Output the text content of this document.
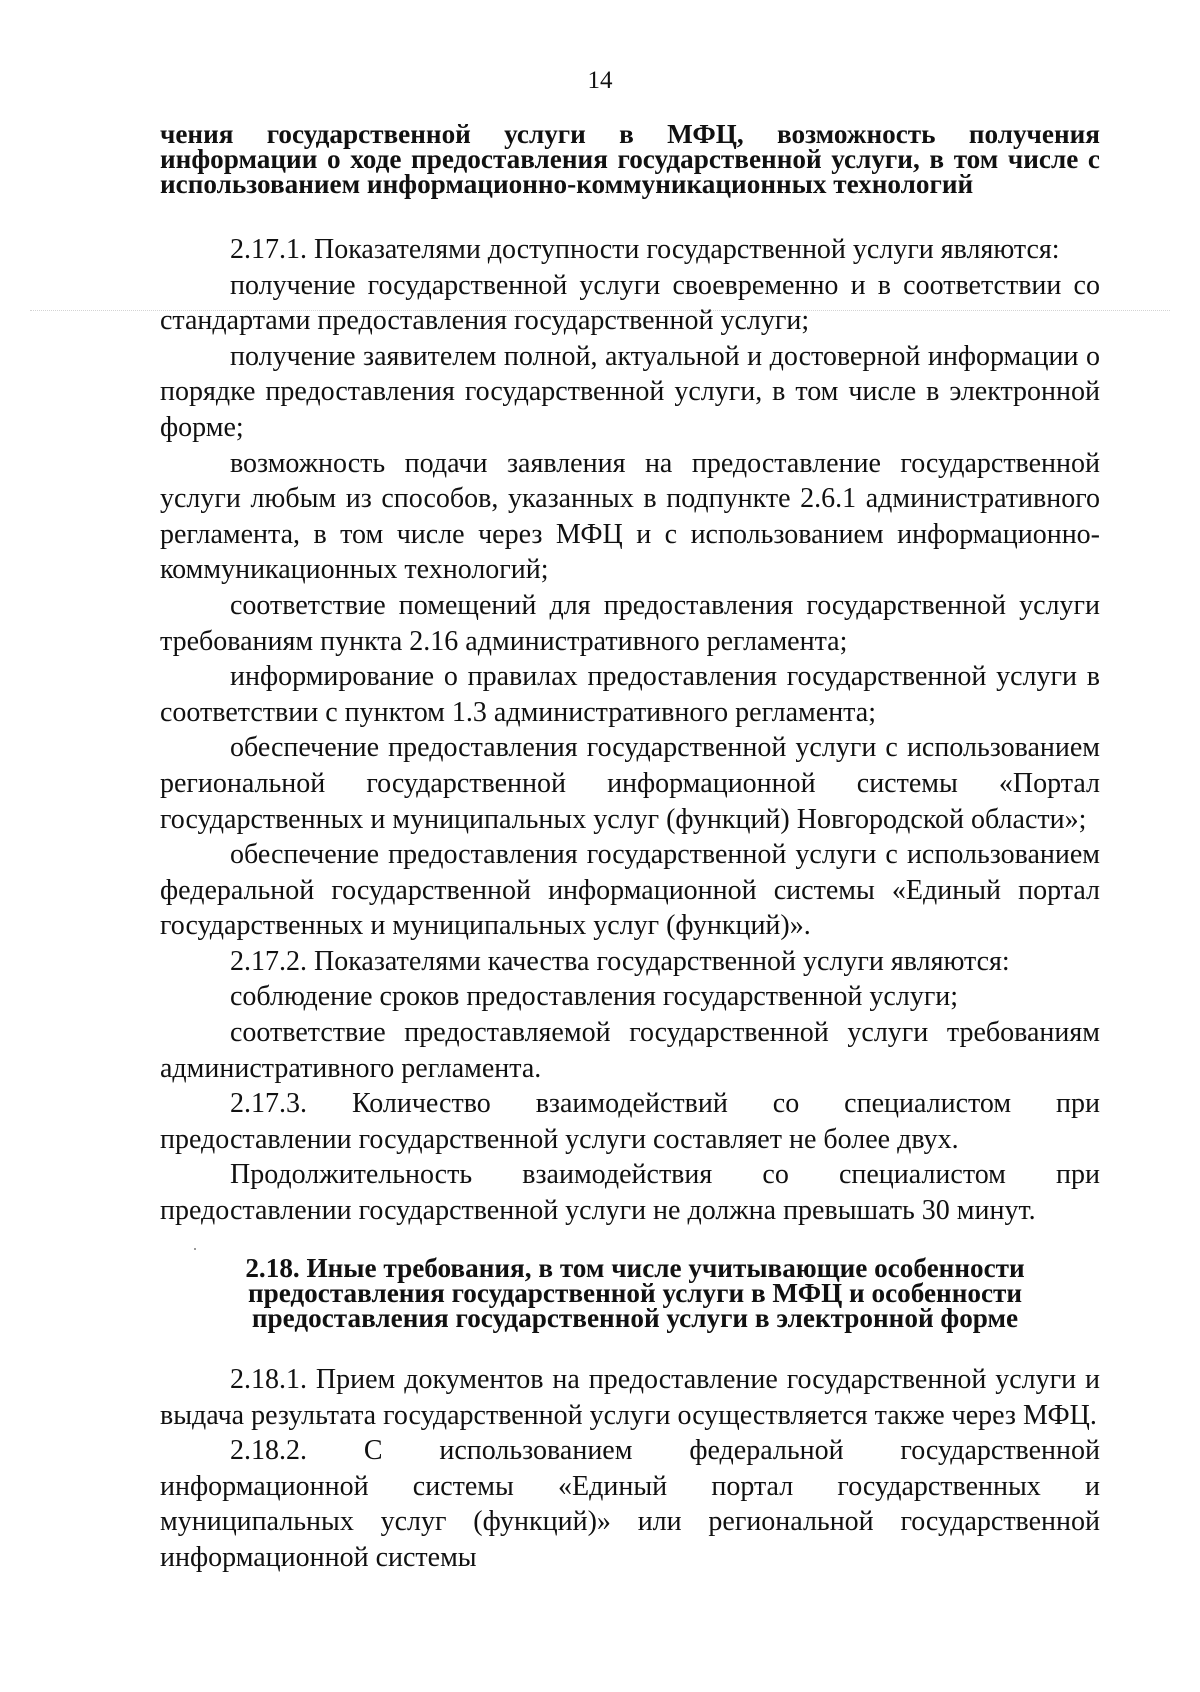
14
чения государственной услуги в МФЦ, возможность получения информации о ходе предоставления государственной услуги, в том числе с использованием информационно-коммуникационных технологий

2.17.1. Показателями доступности государственной услуги являются:

получение государственной услуги своевременно и в соответствии со стандартами предоставления государственной услуги;

получение заявителем полной, актуальной и достоверной информации о порядке предоставления государственной услуги, в том числе в электронной форме;

возможность подачи заявления на предоставление государственной услуги любым из способов, указанных в подпункте 2.6.1 административного регламента, в том числе через МФЦ и с использованием информационно-коммуникационных технологий;

соответствие помещений для предоставления государственной услуги требованиям пункта 2.16 административного регламента;

информирование о правилах предоставления государственной услуги в соответствии с пунктом 1.3 административного регламента;

обеспечение предоставления государственной услуги с использованием региональной государственной информационной системы «Портал государственных и муниципальных услуг (функций) Новгородской области»;

обеспечение предоставления государственной услуги с использованием федеральной государственной информационной системы «Единый портал государственных и муниципальных услуг (функций)».

2.17.2. Показателями качества государственной услуги являются:

соблюдение сроков предоставления государственной услуги;

соответствие предоставляемой государственной услуги требованиям административного регламента.

2.17.3. Количество взаимодействий со специалистом при предоставлении государственной услуги составляет не более двух.

Продолжительность взаимодействия со специалистом при предоставлении государственной услуги не должна превышать 30 минут.

2.18. Иные требования, в том числе учитывающие особенности предоставления государственной услуги в МФЦ и особенности предоставления государственной услуги в электронной форме

2.18.1. Прием документов на предоставление государственной услуги и выдача результата государственной услуги осуществляется также через МФЦ.

2.18.2. С использованием федеральной государственной информационной системы «Единый портал государственных и муниципальных услуг (функций)» или региональной государственной информационной системы
